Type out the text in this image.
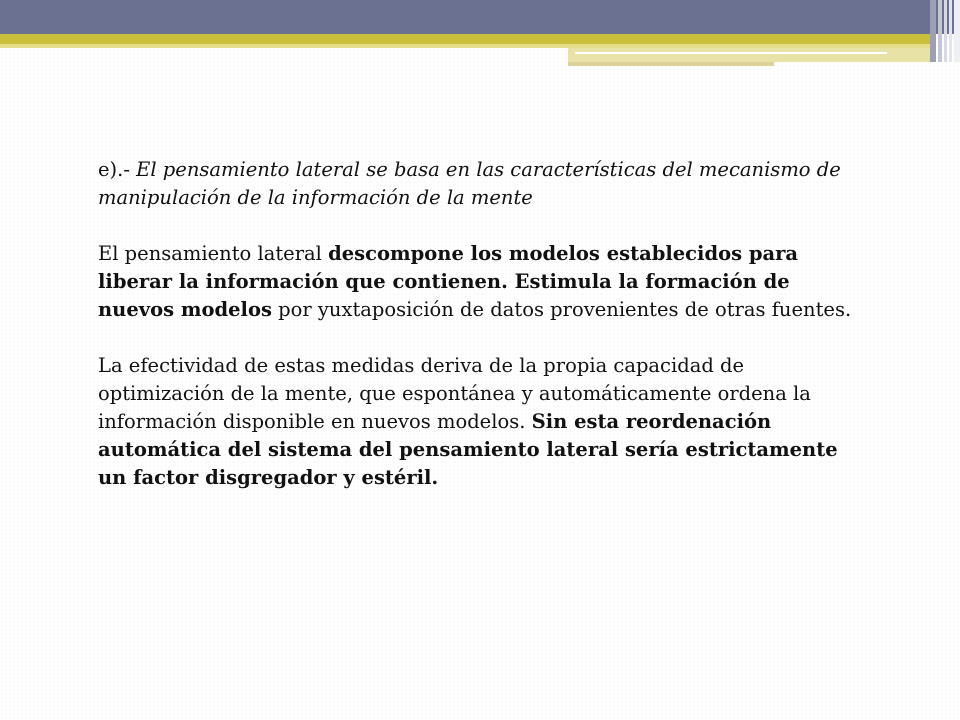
e).- El pensamiento lateral se basa en las características del mecanismo de manipulación de la información de la mente

El pensamiento lateral descompone los modelos establecidos para liberar la información que contienen. Estimula la formación de nuevos modelos por yuxtaposición de datos provenientes de otras fuentes.

La efectividad de estas medidas deriva de la propia capacidad de optimización de la mente, que espontánea y automáticamente ordena la información disponible en nuevos modelos. Sin esta reordenación automática del sistema del pensamiento lateral sería estrictamente un factor disgregador y estéril.
